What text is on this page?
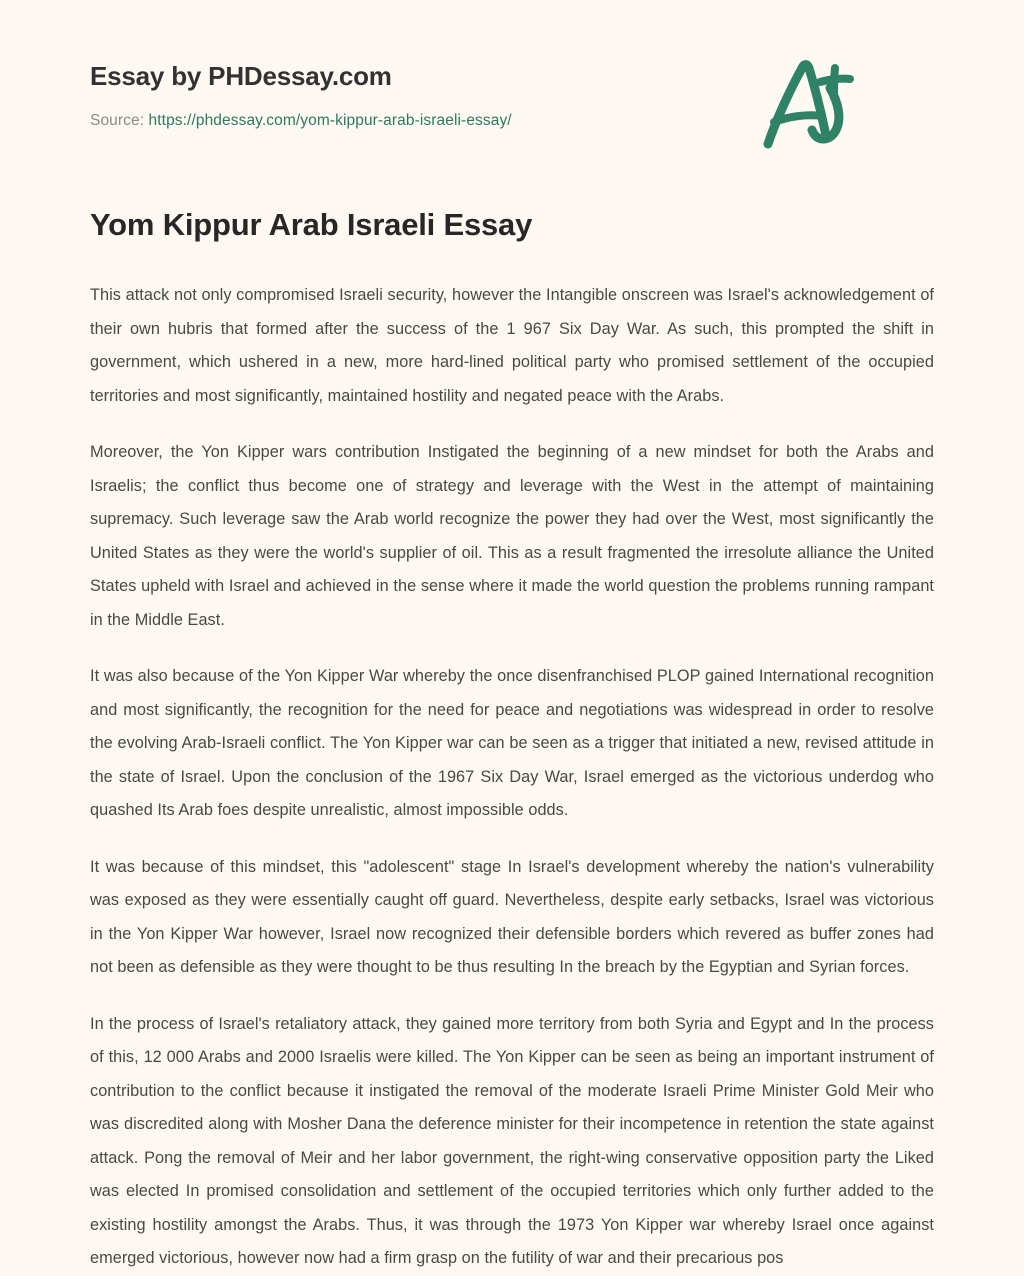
Essay by PHDessay.com
Source: https://phdessay.com/yom-kippur-arab-israeli-essay/
Yom Kippur Arab Israeli Essay

This attack not only compromised Israeli security, however the Intangible onscreen was Israel's acknowledgement of their own hubris that formed after the success of the 1 967 Six Day War. As such, this prompted the shift in government, which ushered in a new, more hard-lined political party who promised settlement of the occupied territories and most significantly, maintained hostility and negated peace with the Arabs.

Moreover, the Yon Kipper wars contribution Instigated the beginning of a new mindset for both the Arabs and Israelis; the conflict thus become one of strategy and leverage with the West in the attempt of maintaining supremacy. Such leverage saw the Arab world recognize the power they had over the West, most significantly the United States as they were the world's supplier of oil. This as a result fragmented the irresolute alliance the United States upheld with Israel and achieved in the sense where it made the world question the problems running rampant in the Middle East.

It was also because of the Yon Kipper War whereby the once disenfranchised PLOP gained International recognition and most significantly, the recognition for the need for peace and negotiations was widespread in order to resolve the evolving Arab-Israeli conflict. The Yon Kipper war can be seen as a trigger that initiated a new, revised attitude in the state of Israel. Upon the conclusion of the 1967 Six Day War, Israel emerged as the victorious underdog who quashed Its Arab foes despite unrealistic, almost impossible odds.

It was because of this mindset, this "adolescent" stage In Israel's development whereby the nation's vulnerability was exposed as they were essentially caught off guard. Nevertheless, despite early setbacks, Israel was victorious in the Yon Kipper War however, Israel now recognized their defensible borders which revered as buffer zones had not been as defensible as they were thought to be thus resulting In the breach by the Egyptian and Syrian forces.

In the process of Israel's retaliatory attack, they gained more territory from both Syria and Egypt and In the process of this, 12 000 Arabs and 2000 Israelis were killed. The Yon Kipper can be seen as being an important instrument of contribution to the conflict because it instigated the removal of the moderate Israeli Prime Minister Gold Meir who was discredited along with Mosher Dana the deference minister for their incompetence in retention the state against attack. Pong the removal of Meir and her labor government, the right-wing conservative opposition party the Liked was elected In promised consolidation and settlement of the occupied territories which only further added to the existing hostility amongst the Arabs. Thus, it was through the 1973 Yon Kipper war whereby Israel once against emerged victorious, however now had a firm grasp on the futility of war and their precarious pos
